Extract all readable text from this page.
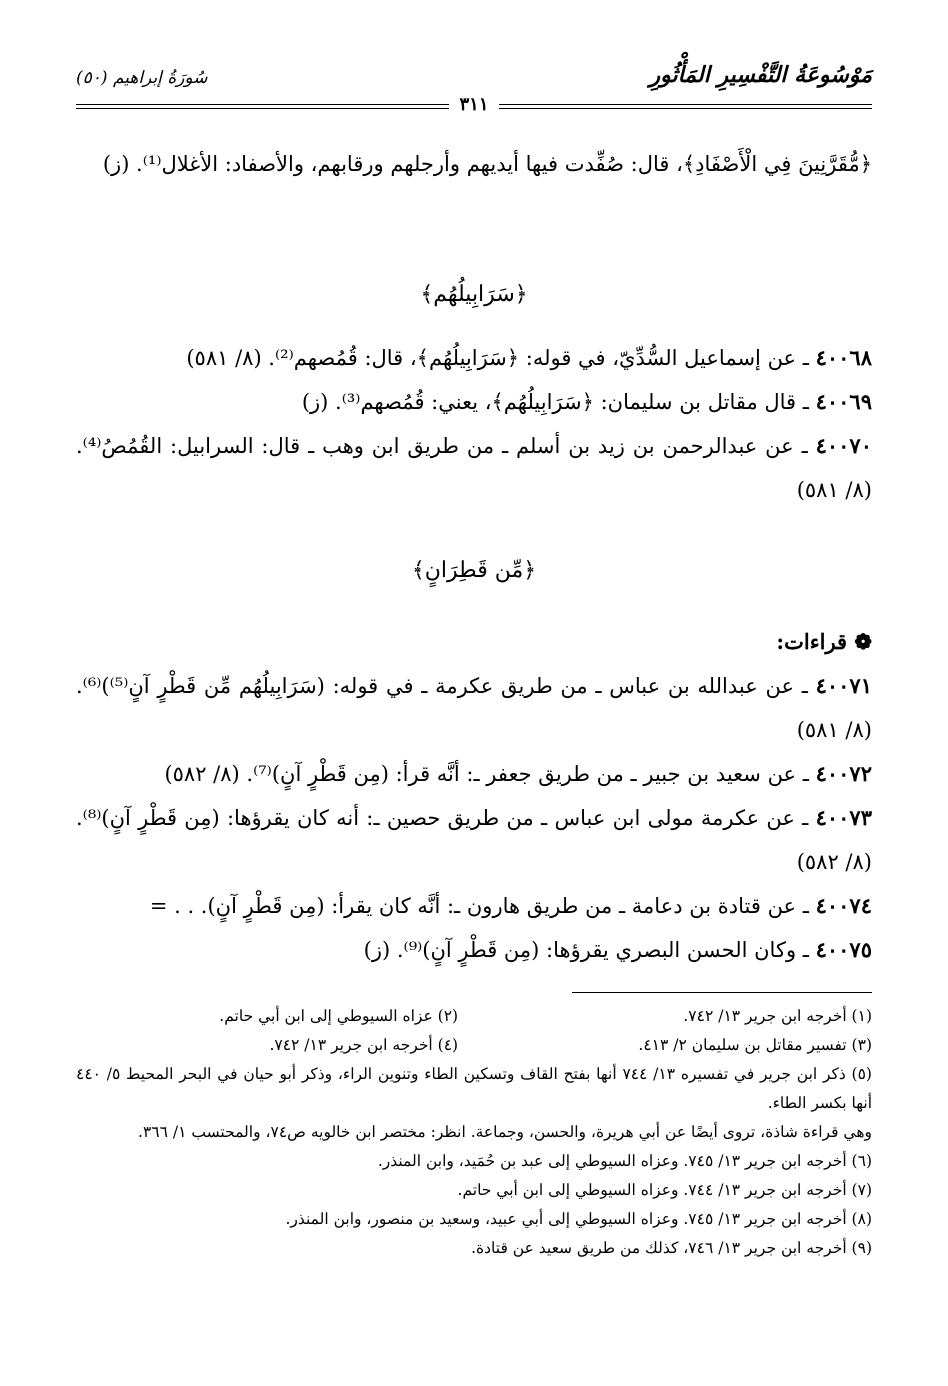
مَوْسُوعَةُ التَّفْسِيرِ المَأْثُورِ
سُورَةُ إبراهيم (٥٠)
٣١١
﴿مُّقَرَّنِينَ فِي الْأَصْفَادِ﴾، قال: صُفِّدت فيها أيديهم وأرجلهم ورقابهم، والأصفاد: الأغلال⁽¹⁾. (ز)
﴿سَرَابِيلُهُم﴾

٤٠٠٦٨ ـ عن إسماعيل السُّدِّيّ، في قوله: ﴿سَرَابِيلُهُم﴾، قال: قُمُصهم⁽²⁾. (٨/ ٥٨١)

٤٠٠٦٩ ـ قال مقاتل بن سليمان: ﴿سَرَابِيلُهُم﴾، يعني: قُمُصهم⁽³⁾. (ز)

٤٠٠٧٠ ـ عن عبدالرحمن بن زيد بن أسلم ـ من طريق ابن وهب ـ قال: السرابيل: القُمُصُ⁽⁴⁾. (٨/ ٥٨١)

﴿مِّن قَطِرَانٍ﴾

❁ قراءات:

٤٠٠٧١ ـ عن عبدالله بن عباس ـ من طريق عكرمة ـ في قوله: (سَرَابِيلُهُم مِّن قَطْرٍ آنٍ⁽⁵⁾)⁽⁶⁾. (٨/ ٥٨١)

٤٠٠٧٢ ـ عن سعيد بن جبير ـ من طريق جعفر ـ: أنَّه قرأ: (مِن قَطْرٍ آنٍ)⁽⁷⁾. (٨/ ٥٨٢)

٤٠٠٧٣ ـ عن عكرمة مولى ابن عباس ـ من طريق حصين ـ: أنه كان يقرؤها: (مِن قَطْرٍ آنٍ)⁽⁸⁾. (٨/ ٥٨٢)

٤٠٠٧٤ ـ عن قتادة بن دعامة ـ من طريق هارون ـ: أنَّه كان يقرأ: (مِن قَطْرٍ آنٍ). . . =

٤٠٠٧٥ ـ وكان الحسن البصري يقرؤها: (مِن قَطْرٍ آنٍ)⁽⁹⁾. (ز)

(١) أخرجه ابن جرير ١٣/ ٧٤٢.
(٢) عزاه السيوطي إلى ابن أبي حاتم.
(٣) تفسير مقاتل بن سليمان ٢/ ٤١٣.
(٤) أخرجه ابن جرير ١٣/ ٧٤٢.

(٥) ذكر ابن جرير في تفسيره ١٣/ ٧٤٤ أنها بفتح القاف وتسكين الطاء وتنوين الراء، وذكر أبو حيان في البحر المحيط ٥/ ٤٤٠ أنها بكسر الطاء.

وهي قراءة شاذة، تروى أيضًا عن أبي هريرة، والحسن، وجماعة. انظر: مختصر ابن خالويه ص٧٤، والمحتسب ١/ ٣٦٦.

(٦) أخرجه ابن جرير ١٣/ ٧٤٥. وعزاه السيوطي إلى عبد بن حُمَيد، وابن المنذر.

(٧) أخرجه ابن جرير ١٣/ ٧٤٤. وعزاه السيوطي إلى ابن أبي حاتم.

(٨) أخرجه ابن جرير ١٣/ ٧٤٥. وعزاه السيوطي إلى أبي عبيد، وسعيد بن منصور، وابن المنذر.

(٩) أخرجه ابن جرير ١٣/ ٧٤٦، كذلك من طريق سعيد عن قتادة.
